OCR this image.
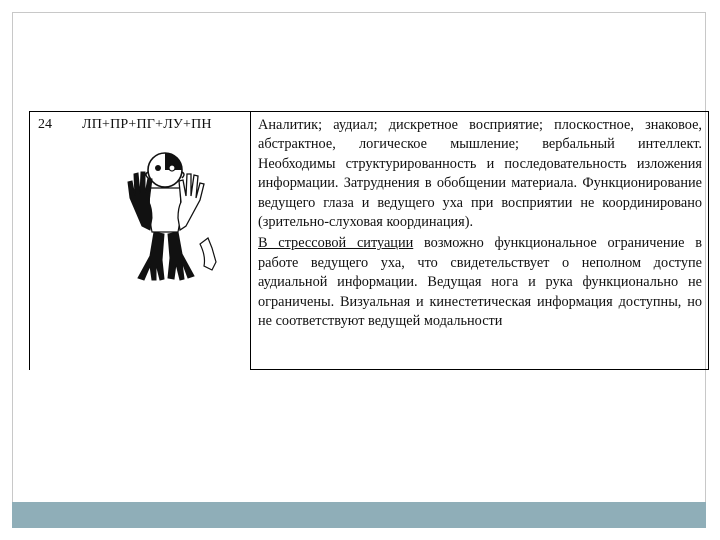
24 ЛП+ПР+ПГ+ЛУ+ПН	Аналитик; аудиал; дискретное восприятие; плоскостное, знаковое, абстрактное, логическое мышление; вербальный интеллект. Необходимы структурированность и последовательность изложения информации. Затруднения в обобщении материала. Функционирование ведущего глаза и ведущего уха при восприятии не координировано (зрительно-слуховая координация).

В стрессовой ситуации возможно функциональное ограничение в работе ведущего уха, что свидетельствует о неполном доступе аудиальной информации. Ведущая нога и рука функционально не ограничены. Визуальная и кинестетическая информация доступны, но не соответствуют ведущей модальности
